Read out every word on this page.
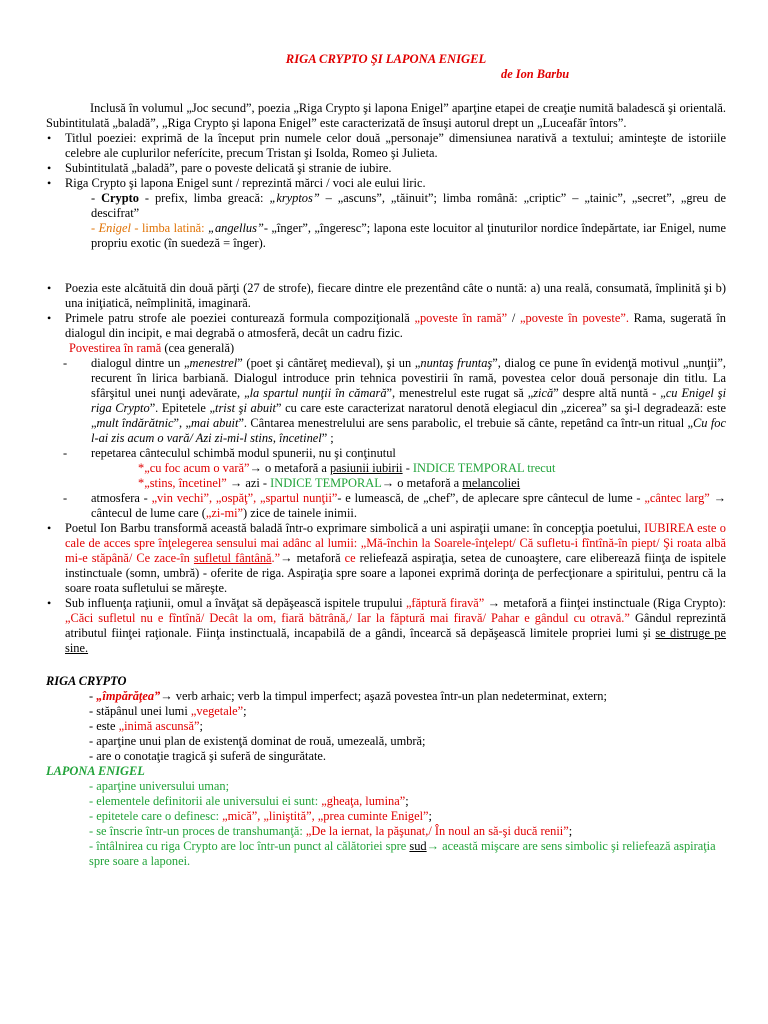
RIGA CRYPTO ŞI LAPONA ENIGEL

de Ion Barbu

Inclusă în volumul „Joc secund”, poezia „Riga Crypto şi lapona Enigel” aparţine etapei de creaţie numită baladescă şi orientală. Subintitulată „baladă”, „Riga Crypto şi lapona Enigel” este caracterizată de însuşi autorul drept un „Luceafăr întors”.

• Titlul poeziei: exprimă de la început prin numele celor două „personaje” dimensiunea narativă a textului; aminteşte de istoriile celebre ale cuplurilor neferícite, precum Tristan şi Isolda, Romeo şi Julieta.
• Subintitulată „baladă”, pare o poveste delicată şi stranie de iubire.
• Riga Crypto şi lapona Enigel sunt / reprezintă mărci / voci ale eului liric.
- Crypto - prefix, limba greacă: „kryptos” – „ascuns”, „tăinuit”; limba română: „criptic” – „tainic”, „secret”, „greu de descifrat”
- Enigel - limba latină: „angellus”- „înger”, „îngeresc”; lapona este locuitor al ţinuturilor nordice îndepărtate, iar Enigel, nume propriu exotic (în suedeză = înger).
• Poezia este alcătuită din două părţi (27 de strofe), fiecare dintre ele prezentând câte o nuntă: a) una reală, consumată, împlinită şi b) una iniţiatică, neîmplinită, imaginară.
• Primele patru strofe ale poeziei conturează formula compoziţională „poveste în ramă” / „poveste în poveste”. Rama, sugerată în dialogul din incipit, e mai degrabă o atmosferă, decât un cadru fizic.

Povestirea în ramă (cea generală)

- dialogul dintre un „menestrel” (poet şi cântăreţ medieval), şi un „nuntaş fruntaş”, dialog ce pune în evidenţă motivul „nunţii”, recurent în lirica barbiană. Dialogul introduce prin tehnica povestirii în ramă, povestea celor două personaje din titlu. La sfârşitul unei nunţi adevărate, „la spartul nunţii în cămară”, menestrelul este rugat să „zică” despre altă nuntă - „cu Enigel şi riga Crypto”. Epitetele „trist şi abuit” cu care este caracterizat naratorul denotă elegiacul din „zicerea” sa şi-l degradează: este „mult îndărătnic”, „mai abuit”. Cântarea menestrelului are sens parabolic, el trebuie să cânte, repetând ca într-un ritual „Cu foc l-ai zis acum o vară/ Azi zi-mi-l stins, încetinel” ;
- repetarea cânteculul schimbă modul spunerii, nu şi conţinutul

*„cu foc acum o vară”→ o metaforă a pasiunii iubirii - INDICE TEMPORAL trecut

*„stins, încetinel” → azi - INDICE TEMPORAL→ o metaforă a melancoliei

- atmosfera - „vin vechi”, „ospăţ”, „spartul nunţii”- e lumească, de „chef”, de aplecare spre cântecul de lume - „cântec larg” → cântecul de lume care („zi-mi”) zice de tainele inimii.
• Poetul Ion Barbu transformă această baladă într-o exprimare simbolică a uni aspiraţii umane: în concepţia poetului, IUBIREA este o cale de acces spre înţelegerea sensului mai adânc al lumii: „Mă-închin la Soarele-înţelept/ Că sufletu-i fîntînă-în piept/ Şi roata albă mi-e stăpână/ Ce zace-în sufletul fântână.”→ metaforă ce reliefează aspiraţia, setea de cunoaştere, care eliberează fiinţa de ispitele instinctuale (somn, umbră) - oferite de riga. Aspiraţia spre soare a laponei exprimă dorinţa de perfecţionare a spiritului, pentru că la soare roata sufletului se măreşte.
• Sub influenţa raţiunii, omul a învăţat să depăşească ispitele trupului „făptură firavă” → metaforă a fiinţei instinctuale (Riga Crypto): „Căci sufletul nu e fîntînă/ Decât la om, fiară bătrână,/ Iar la făptură mai firavă/ Pahar e gândul cu otravă.” Gândul reprezintă atributul fiinţei raţionale. Fiinţa instinctuală, incapabilă de a gândi, încearcă să depăşească limitele propriei lumi şi se distruge pe sine.

RIGA CRYPTO

- „împărăţea”→ verb arhaic; verb la timpul imperfect; aşază povestea într-un plan nedeterminat, extern;
- stăpânul unei lumi „vegetale”;
- este „inimă ascunsă”;
- aparţine unui plan de existenţă dominat de rouă, umezeală, umbră;
- are o conotaţie tragică şi suferă de singurătate.

LAPONA ENIGEL

- aparţine universului uman;
- elementele definitorii ale universului ei sunt: „gheaţa, lumina”;
- epitetele care o definesc: „mică”, „liniştită”, „prea cuminte Enigel”;
- se înscrie într-un proces de transhumanţă: „De la iernat, la păşunat,/ În noul an să-şi ducă renii”;
- întâlnirea cu riga Crypto are loc într-un punct al călătoriei spre sud→ această mişcare are sens simbolic şi reliefează aspiraţia spre soare a laponei.
